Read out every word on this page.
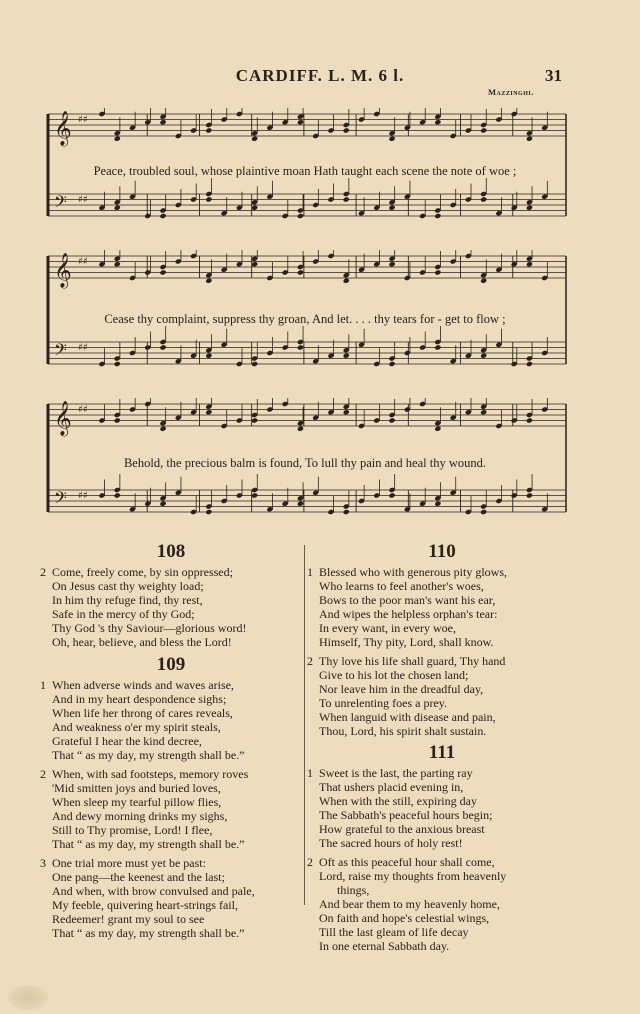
CARDIFF. L. M. 6 l.	31
Mazzinghi.
𝄞 ♯♯
𝄢 ♯♯
Peace, troubled soul, whose plaintive moan Hath taught each scene the note of woe ;
𝄞 ♯♯
𝄢 ♯♯
Cease thy complaint, suppress thy groan, And let. . . . thy tears for - get to flow ;
𝄞 ♯♯
𝄢 ♯♯
Behold, the precious balm is found, To lull thy pain and heal thy wound.
108
2 Come, freely come, by sin oppressed;
On Jesus cast thy weighty load;
In him thy refuge find, thy rest,
Safe in the mercy of thy God;
Thy God 's thy Saviour—glorious word!
Oh, hear, believe, and bless the Lord!
109
1 When adverse winds and waves arise,
And in my heart despondence sighs;
When life her throng of cares reveals,
And weakness o'er my spirit steals,
Grateful I hear the kind decree,
That “ as my day, my strength shall be.”
2 When, with sad footsteps, memory roves
'Mid smitten joys and buried loves,
When sleep my tearful pillow flies,
And dewy morning drinks my sighs,
Still to Thy promise, Lord! I flee,
That “ as my day, my strength shall be.”
3 One trial more must yet be past:
One pang—the keenest and the last;
And when, with brow convulsed and pale,
My feeble, quivering heart-strings fail,
Redeemer! grant my soul to see
That “ as my day, my strength shall be.”
110
1 Blessed who with generous pity glows,
Who learns to feel another's woes,
Bows to the poor man's want his ear,
And wipes the helpless orphan's tear:
In every want, in every woe,
Himself, Thy pity, Lord, shall know.
2 Thy love his life shall guard, Thy hand
Give to his lot the chosen land;
Nor leave him in the dreadful day,
To unrelenting foes a prey.
When languid with disease and pain,
Thou, Lord, his spirit shalt sustain.
111
1 Sweet is the last, the parting ray
That ushers placid evening in,
When with the still, expiring day
The Sabbath's peaceful hours begin;
How grateful to the anxious breast
The sacred hours of holy rest!
2 Oft as this peaceful hour shall come,
Lord, raise my thoughts from heavenly
things,
And bear them to my heavenly home,
On faith and hope's celestial wings,
Till the last gleam of life decay
In one eternal Sabbath day.
